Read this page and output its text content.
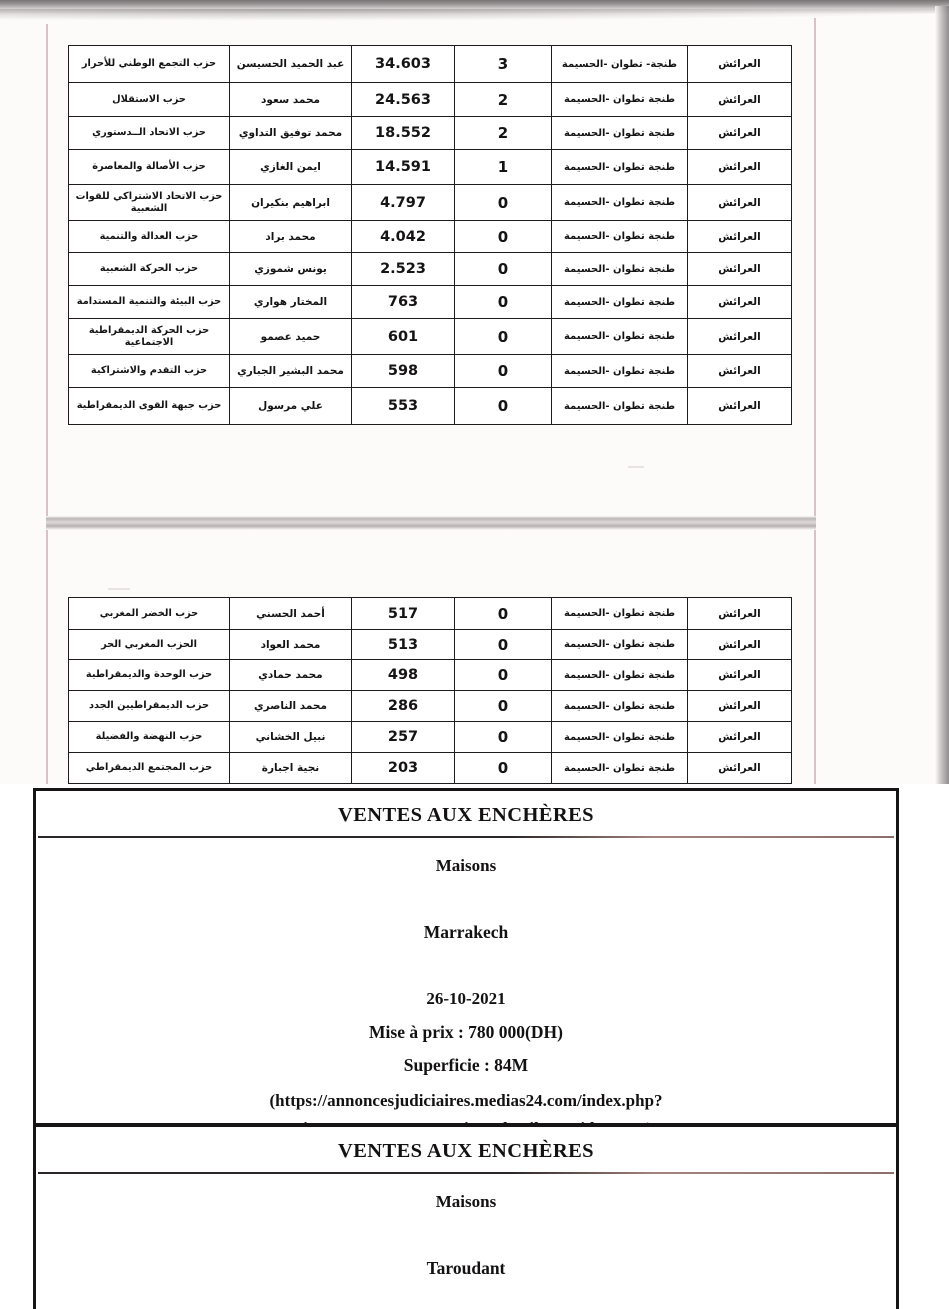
العرائش	طنجة- تطوان -الحسيمة	3	34.603	عبد الحميد الحسيسن	حزب التجمع الوطني للأحرار
العرائش	طنجة تطوان -الحسيمة	2	24.563	محمد سعود	حزب الاستقلال
العرائش	طنجة تطوان -الحسيمة	2	18.552	محمد توفيق التداوي	حزب الاتحاد الــدستوري
العرائش	طنجة تطوان -الحسيمة	1	14.591	ايمن الغازي	حزب الأصالة والمعاصرة
العرائش	طنجة تطوان -الحسيمة	0	4.797	ابراهيم بنكيران	حزب الاتحاد الاشتراكي للقوات الشعبية
العرائش	طنجة تطوان -الحسيمة	0	4.042	محمد براد	حزب العدالة والتنمية
العرائش	طنجة تطوان -الحسيمة	0	2.523	يونس شموزي	حزب الحركة الشعبية
العرائش	طنجة تطوان -الحسيمة	0	763	المختار هواري	حزب البيئة والتنمية المستدامة
العرائش	طنجة تطوان -الحسيمة	0	601	حميد عصمو	حزب الحركة الديمقراطية الاجتماعية
العرائش	طنجة تطوان -الحسيمة	0	598	محمد البشير الجباري	حزب التقدم والاشتراكية
العرائش	طنجة تطوان -الحسيمة	0	553	علي مرسول	حزب جبهة القوى الديمقراطية
العرائش	طنجة تطوان -الحسيمة	0	517	أحمد الحسني	حزب الخضر المغربي
العرائش	طنجة تطوان -الحسيمة	0	513	محمد العواد	الحزب المغربي الحر
العرائش	طنجة تطوان -الحسيمة	0	498	محمد حمادي	حزب الوحدة والديمقراطية
العرائش	طنجة تطوان -الحسيمة	0	286	محمد الناصري	حزب الديمقراطيين الجدد
العرائش	طنجة تطوان -الحسيمة	0	257	نبيل الخشاني	حزب النهضة والفضيلة
العرائش	طنجة تطوان -الحسيمة	0	203	نجية اجبارة	حزب المجتمع الديمقراطي
VENTES AUX ENCHÈRES
Maisons
Marrakech
26-10-2021
Mise à prix : 780 000(DH)
Superficie : 84M
(https://annoncesjudiciaires.medias24.com/index.php?
VENTES AUX ENCHÈRES
Maisons
Taroudant
